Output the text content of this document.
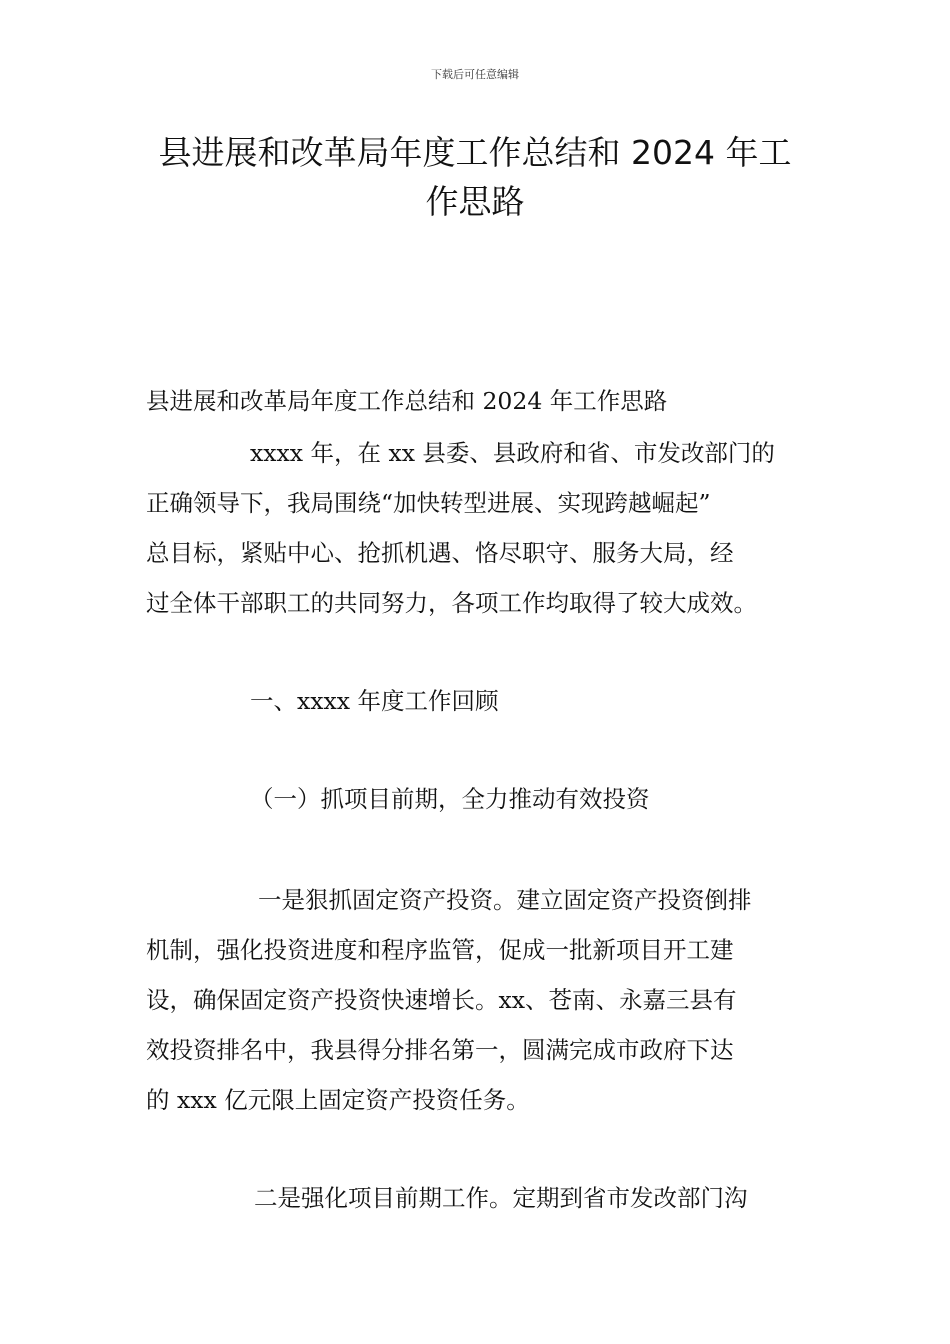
下载后可任意编辑
县进展和改革局年度工作总结和 2024 年工
作思路
县进展和改革局年度工作总结和 2024 年工作思路
xxxx 年，在 xx 县委、县政府和省、市发改部门的
正确领导下，我局围绕“加快转型进展、实现跨越崛起”
总目标，紧贴中心、抢抓机遇、恪尽职守、服务大局，经
过全体干部职工的共同努力，各项工作均取得了较大成效。
一、xxxx 年度工作回顾
（一）抓项目前期，全力推动有效投资
一是狠抓固定资产投资。建立固定资产投资倒排
机制，强化投资进度和程序监管，促成一批新项目开工建
设，确保固定资产投资快速增长。xx、苍南、永嘉三县有
效投资排名中，我县得分排名第一，圆满完成市政府下达
的 xxx 亿元限上固定资产投资任务。
二是强化项目前期工作。定期到省市发改部门沟
